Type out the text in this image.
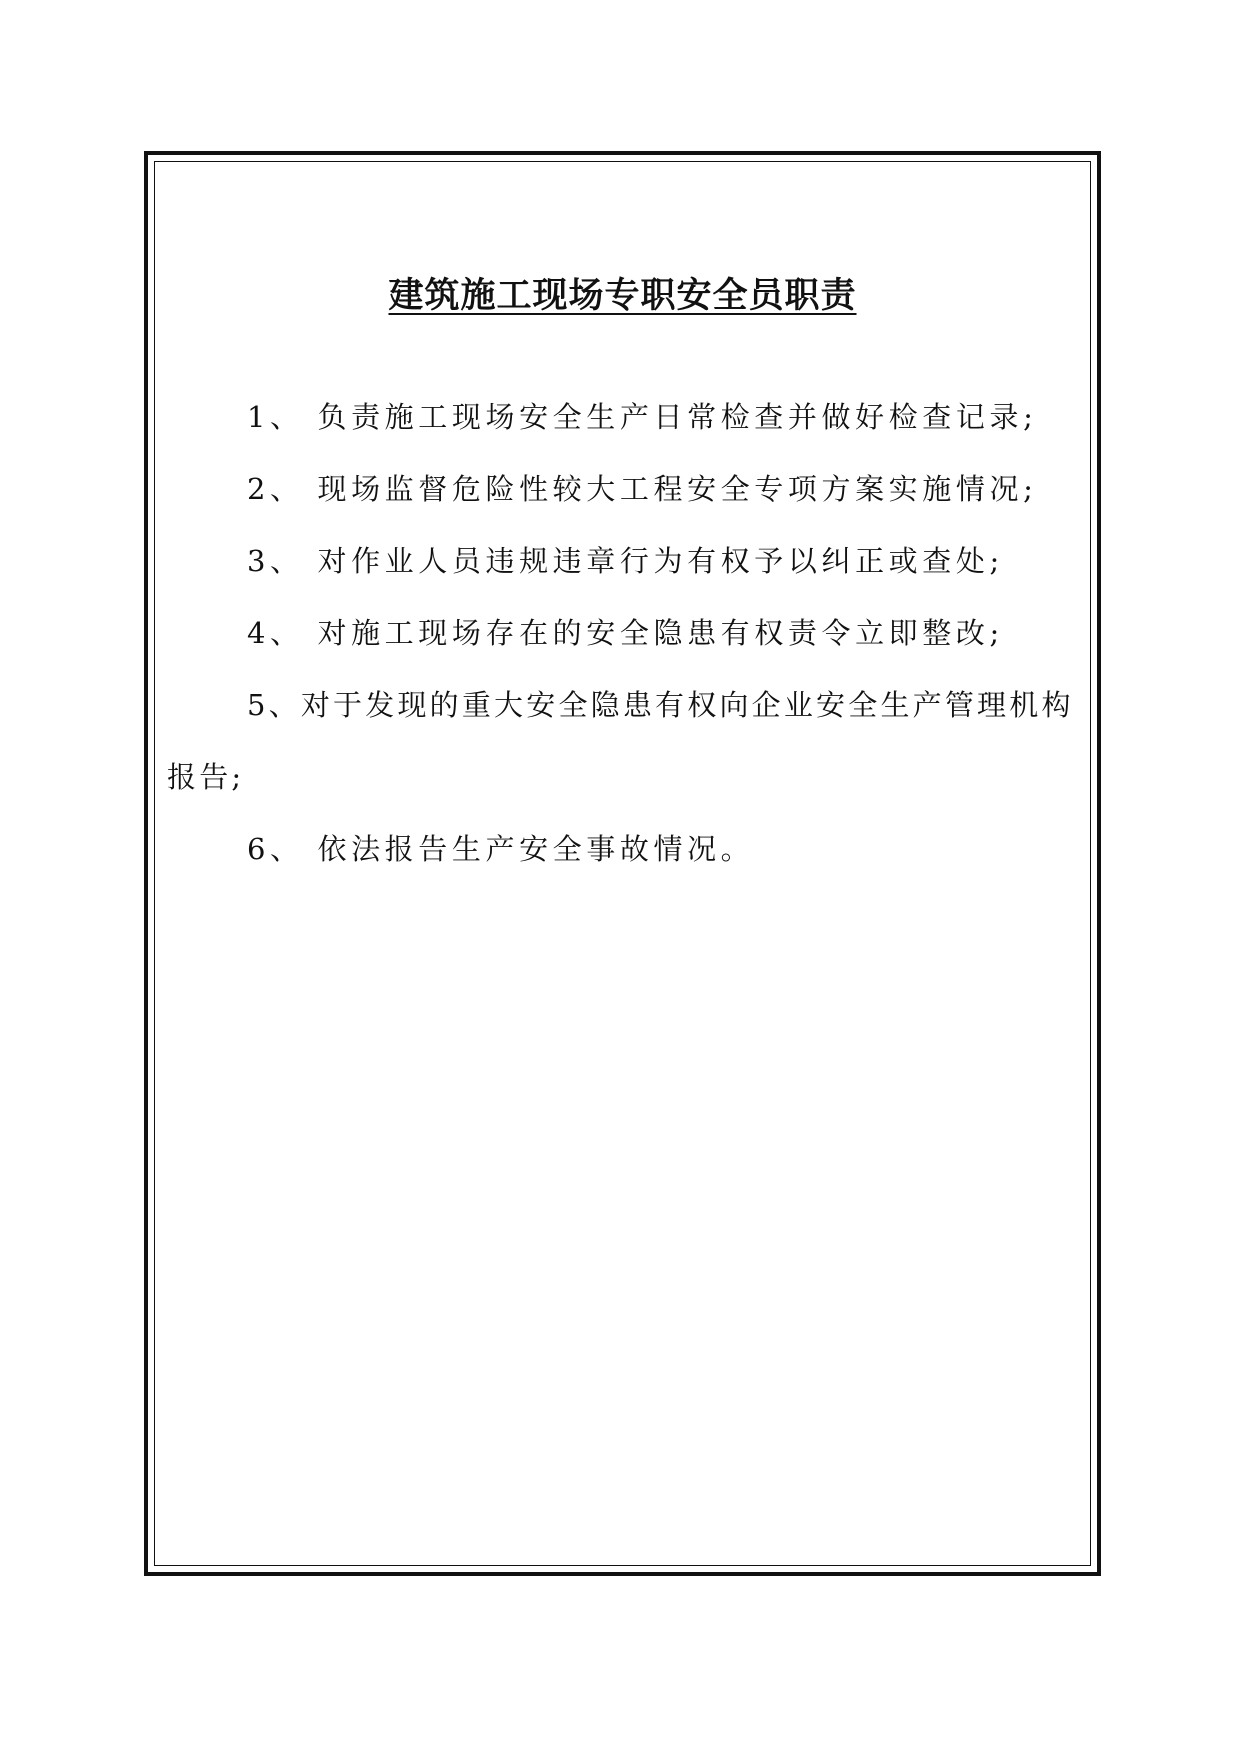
建筑施工现场专职安全员职责
1、 负责施工现场安全生产日常检查并做好检查记录;
2、 现场监督危险性较大工程安全专项方案实施情况;
3、 对作业人员违规违章行为有权予以纠正或查处;
4、 对施工现场存在的安全隐患有权责令立即整改;
5、对于发现的重大安全隐患有权向企业安全生产管理机构报告;
6、 依法报告生产安全事故情况。
